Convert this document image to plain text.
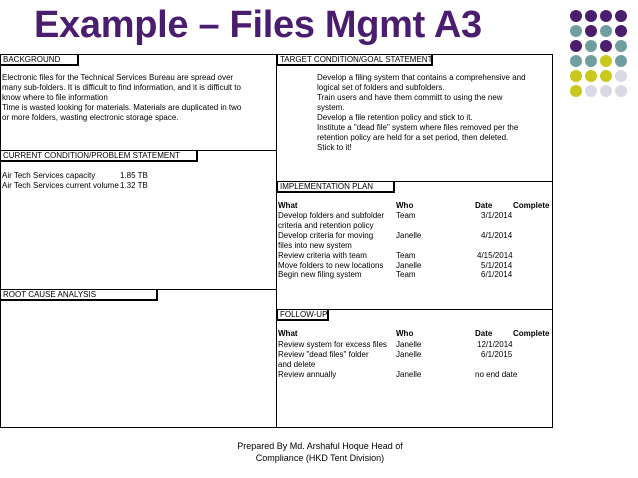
Example – Files Mgmt A3
BACKGROUND
Electronic files for the Technical Services Bureau are spread over
many sub-folders. It is difficult to find information, and it is difficult to
know where to file information
Time is wasted looking for materials. Materials are duplicated in two
or more folders, wasting electronic storage space.
CURRENT CONDITION/PROBLEM STATEMENT
Air Tech Services capacity	1.85 TB
Air Tech Services current volume 1.32 TB
ROOT CAUSE ANALYSIS
TARGET CONDITION/GOAL STATEMENT
Develop a filing system that contains a comprehensive and
logical set of folders and subfolders.
Train users and have them committ to using the new
system.
Develop a file retention policy and stick to it.
Institute a "dead file" system where files removed per the
retention policy are held for a set period, then deleted.
Stick to it!
IMPLEMENTATION PLAN
What	Who	Date	Complete
Develop folders and subfolder
criteria and retention policy
Team	3/1/2014
Develop criteria for moving
files into new system
Janelle	4/1/2014
Review criteria with team	Team	4/15/2014
Move folders to new locations Janelle	5/1/2014
Begin new filing system	Team	6/1/2014
FOLLOW-UP
What	Who	Date	Complete
Review system for excess files Janelle	12/1/2014
Review "dead files" folder
and delete
Janelle	6/1/2015
Review annually	Janelle	no end date
Prepared By Md. Arshaful Hoque Head of
Compliance (HKD Tent Division)
